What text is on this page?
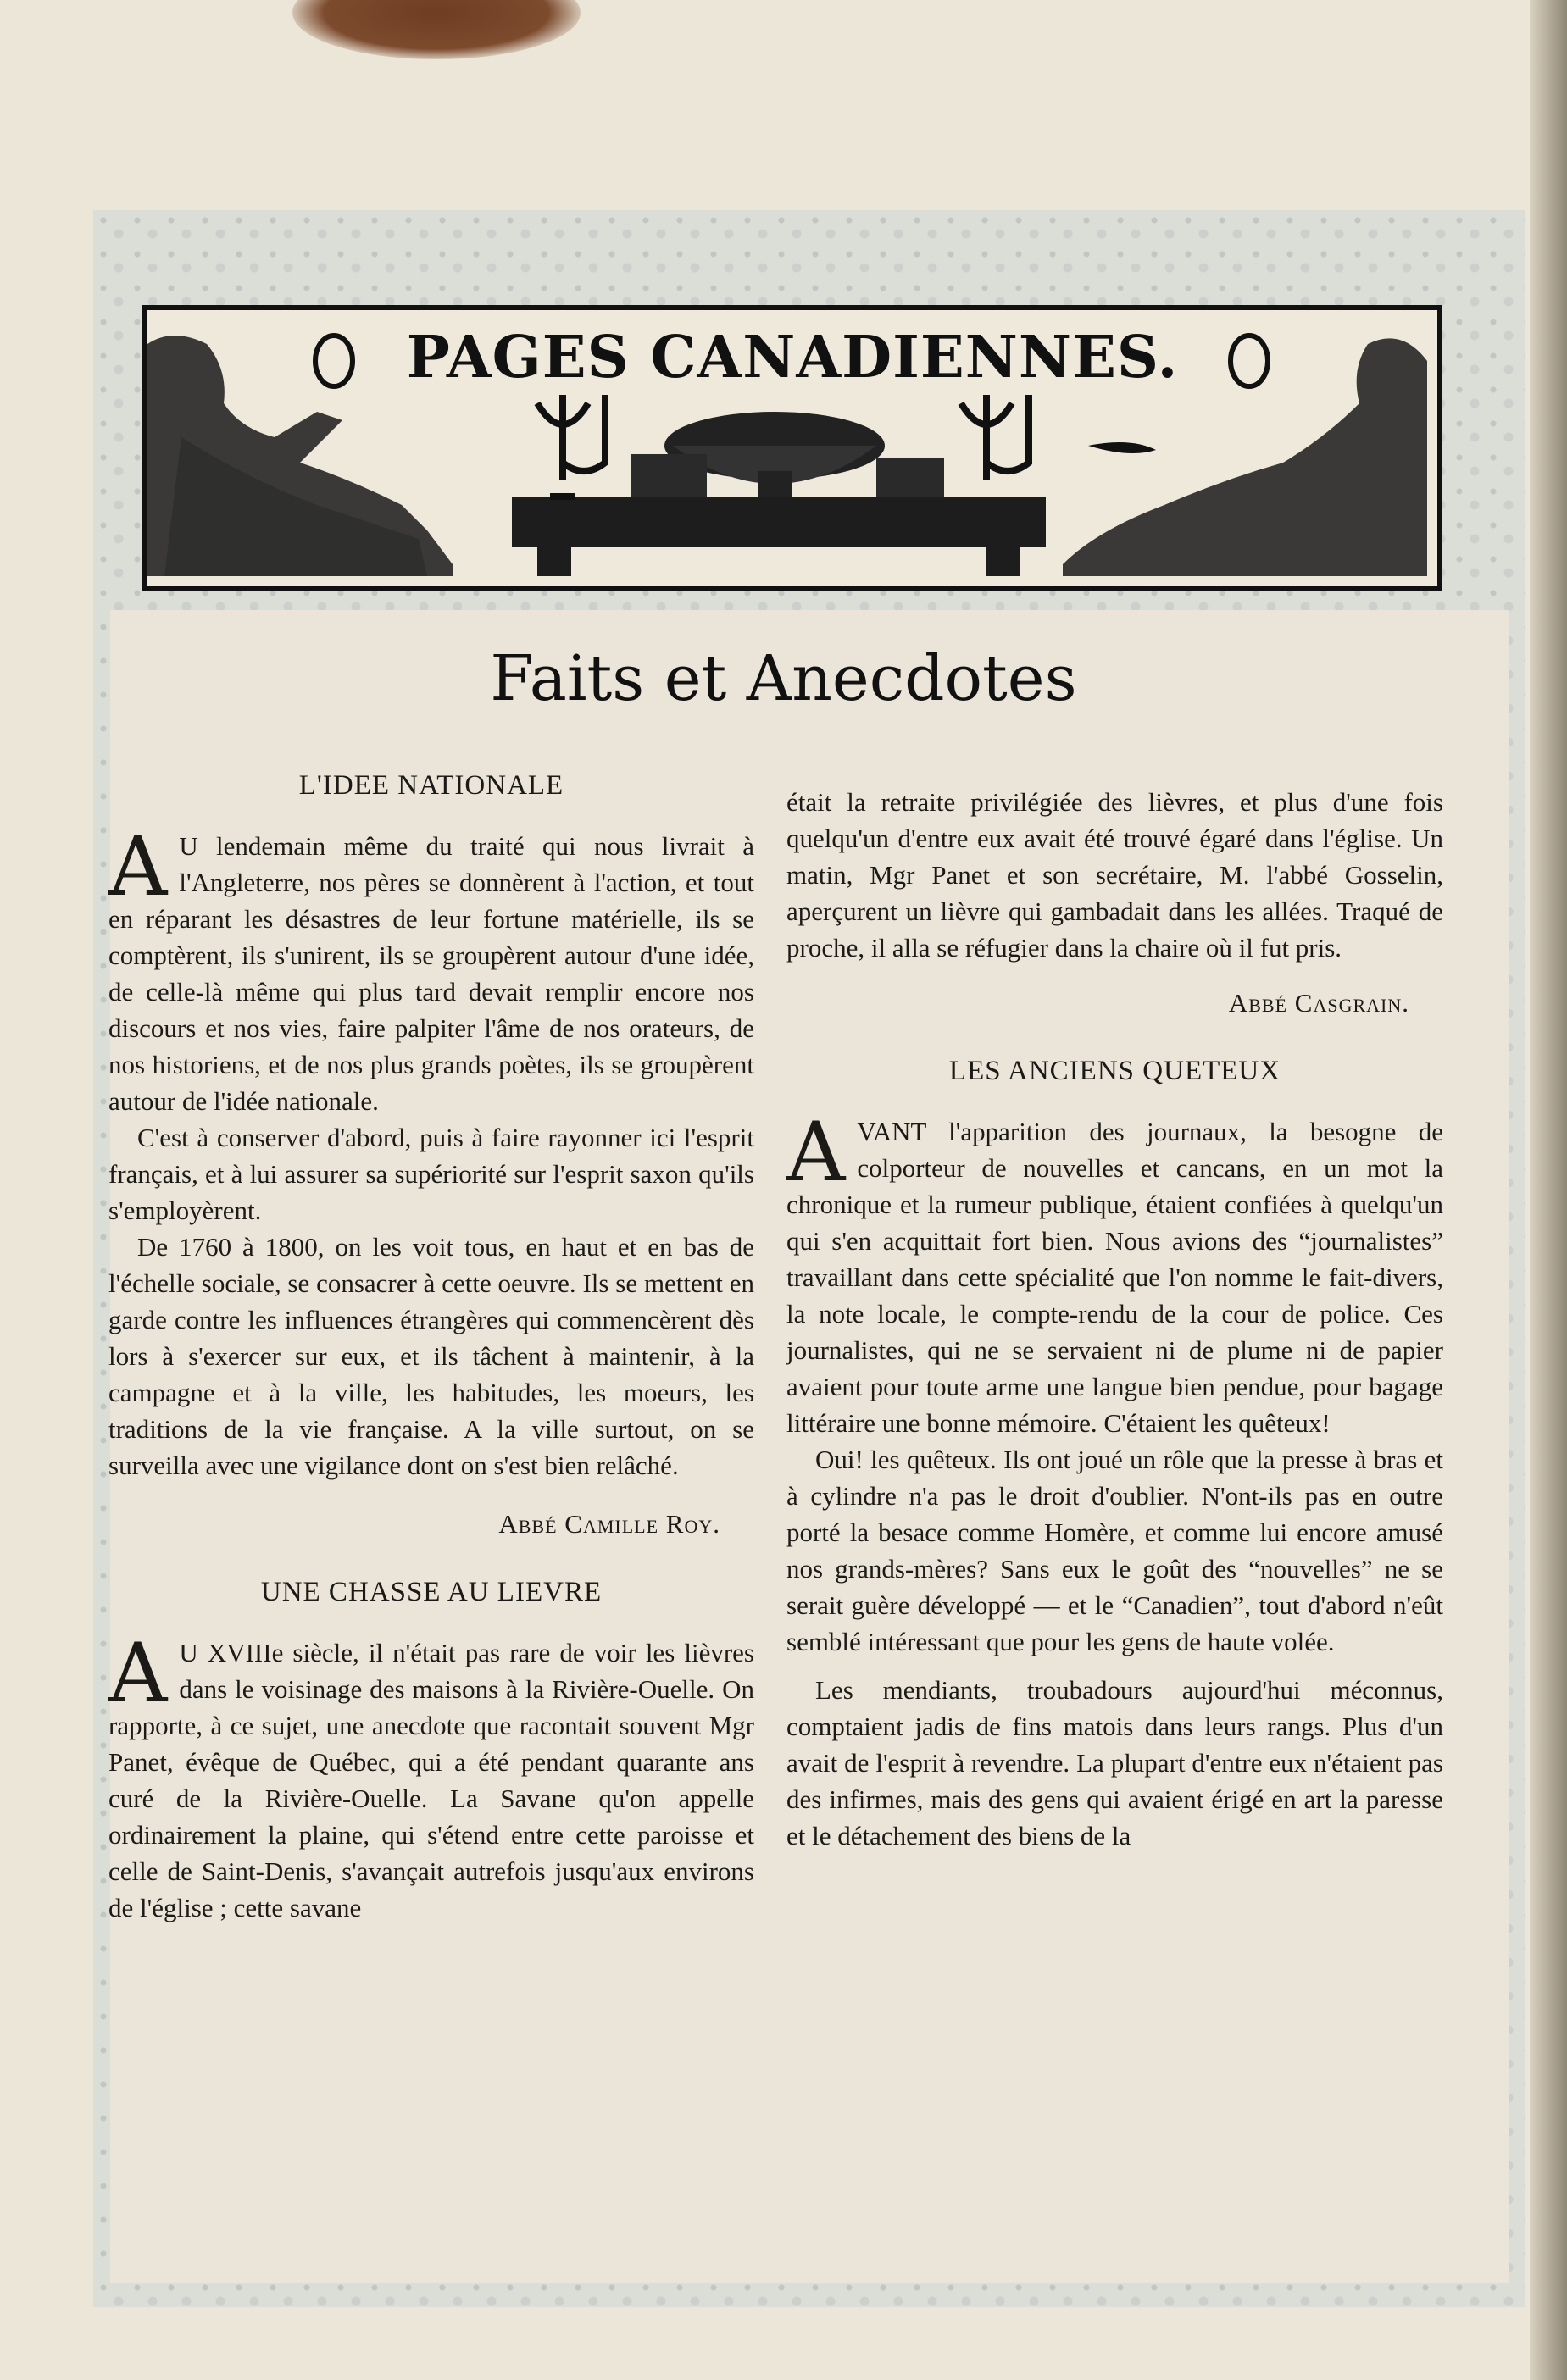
PAGES CANADIENNES.
Faits et Anecdotes
L'IDEE NATIONALE

A U lendemain même du traité qui nous livrait à l'Angleterre, nos pères se donnèrent à l'action, et tout en réparant les désastres de leur fortune matérielle, ils se comptèrent, ils s'unirent, ils se groupèrent autour d'une idée, de celle-là même qui plus tard devait remplir encore nos discours et nos vies, faire palpiter l'âme de nos orateurs, de nos historiens, et de nos plus grands poètes, ils se groupèrent autour de l'idée nationale.

C'est à conserver d'abord, puis à faire rayonner ici l'esprit français, et à lui assurer sa supériorité sur l'esprit saxon qu'ils s'employèrent.

De 1760 à 1800, on les voit tous, en haut et en bas de l'échelle sociale, se consacrer à cette oeuvre. Ils se mettent en garde contre les influences étrangères qui commencèrent dès lors à s'exercer sur eux, et ils tâchent à maintenir, à la campagne et à la ville, les habitudes, les moeurs, les traditions de la vie française. A la ville surtout, on se surveilla avec une vigilance dont on s'est bien relâché.

Abbé Camille Roy.

UNE CHASSE AU LIEVRE

A U XVIIIe siècle, il n'était pas rare de voir les lièvres dans le voisinage des maisons à la Rivière-Ouelle. On rapporte, à ce sujet, une anecdote que racontait souvent Mgr Panet, évêque de Québec, qui a été pendant quarante ans curé de la Rivière-Ouelle. La Savane qu'on appelle ordinairement la plaine, qui s'étend entre cette paroisse et celle de Saint-Denis, s'avançait autrefois jusqu'aux environs de l'église ; cette savane

était la retraite privilégiée des lièvres, et plus d'une fois quelqu'un d'entre eux avait été trouvé égaré dans l'église. Un matin, Mgr Panet et son secrétaire, M. l'abbé Gosselin, aperçurent un lièvre qui gambadait dans les allées. Traqué de proche, il alla se réfugier dans la chaire où il fut pris.

Abbé Casgrain.

LES ANCIENS QUETEUX

AVANT l'apparition des journaux, la besogne de colporteur de nouvelles et cancans, en un mot la chronique et la rumeur publique, étaient confiées à quelqu'un qui s'en acquittait fort bien. Nous avions des “journalistes” travaillant dans cette spécialité que l'on nomme le fait-divers, la note locale, le compte-rendu de la cour de police. Ces journalistes, qui ne se servaient ni de plume ni de papier avaient pour toute arme une langue bien pendue, pour bagage littéraire une bonne mémoire. C'étaient les quêteux!

Oui! les quêteux. Ils ont joué un rôle que la presse à bras et à cylindre n'a pas le droit d'oublier. N'ont-ils pas en outre porté la besace comme Homère, et comme lui encore amusé nos grands-mères? Sans eux le goût des “nouvelles” ne se serait guère développé — et le “Canadien”, tout d'abord n'eût semblé intéressant que pour les gens de haute volée.

Les mendiants, troubadours aujourd'hui méconnus, comptaient jadis de fins matois dans leurs rangs. Plus d'un avait de l'esprit à revendre. La plupart d'entre eux n'étaient pas des infirmes, mais des gens qui avaient érigé en art la paresse et le détachement des biens de la
